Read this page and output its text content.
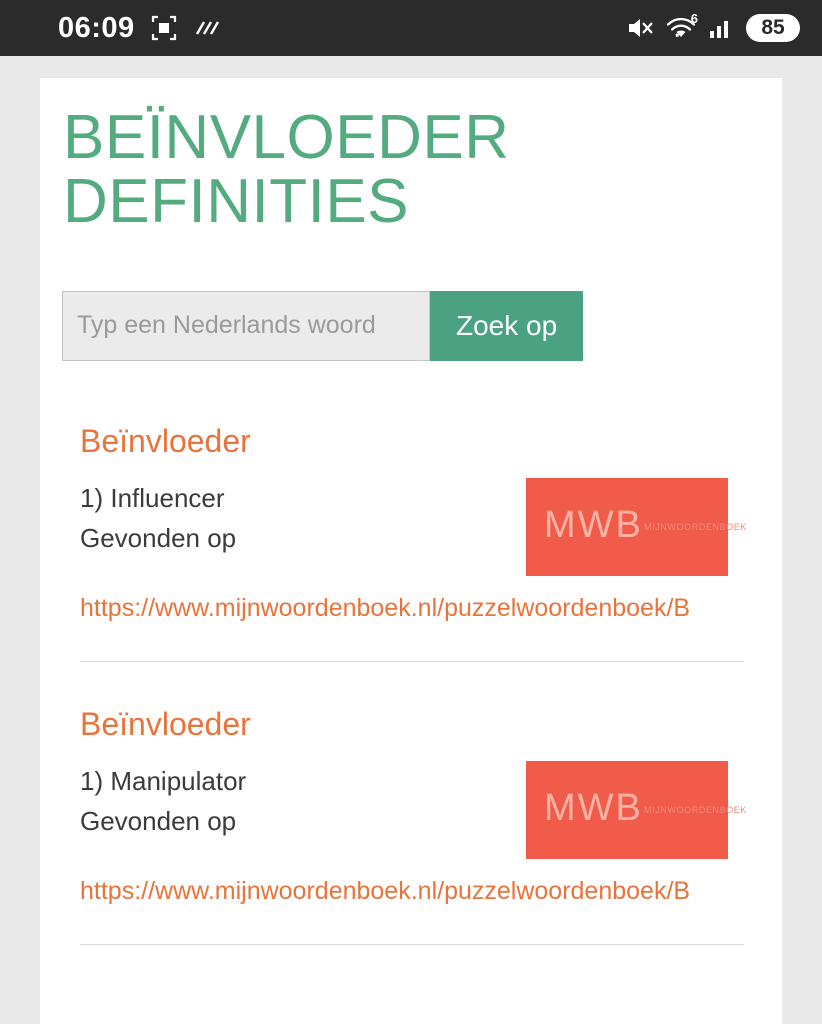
06:09	6	85
BEÏNVLOEDER DEFINITIES
Typ een Nederlands woord
Zoek op
Beïnvloeder
1) Influencer
Gevonden op	MWB MIJNWOORDENBOEK
https://www.mijnwoordenboek.nl/puzzelwoordenboek/B
Beïnvloeder
1) Manipulator
Gevonden op	MWB MIJNWOORDENBOEK
https://www.mijnwoordenboek.nl/puzzelwoordenboek/B
